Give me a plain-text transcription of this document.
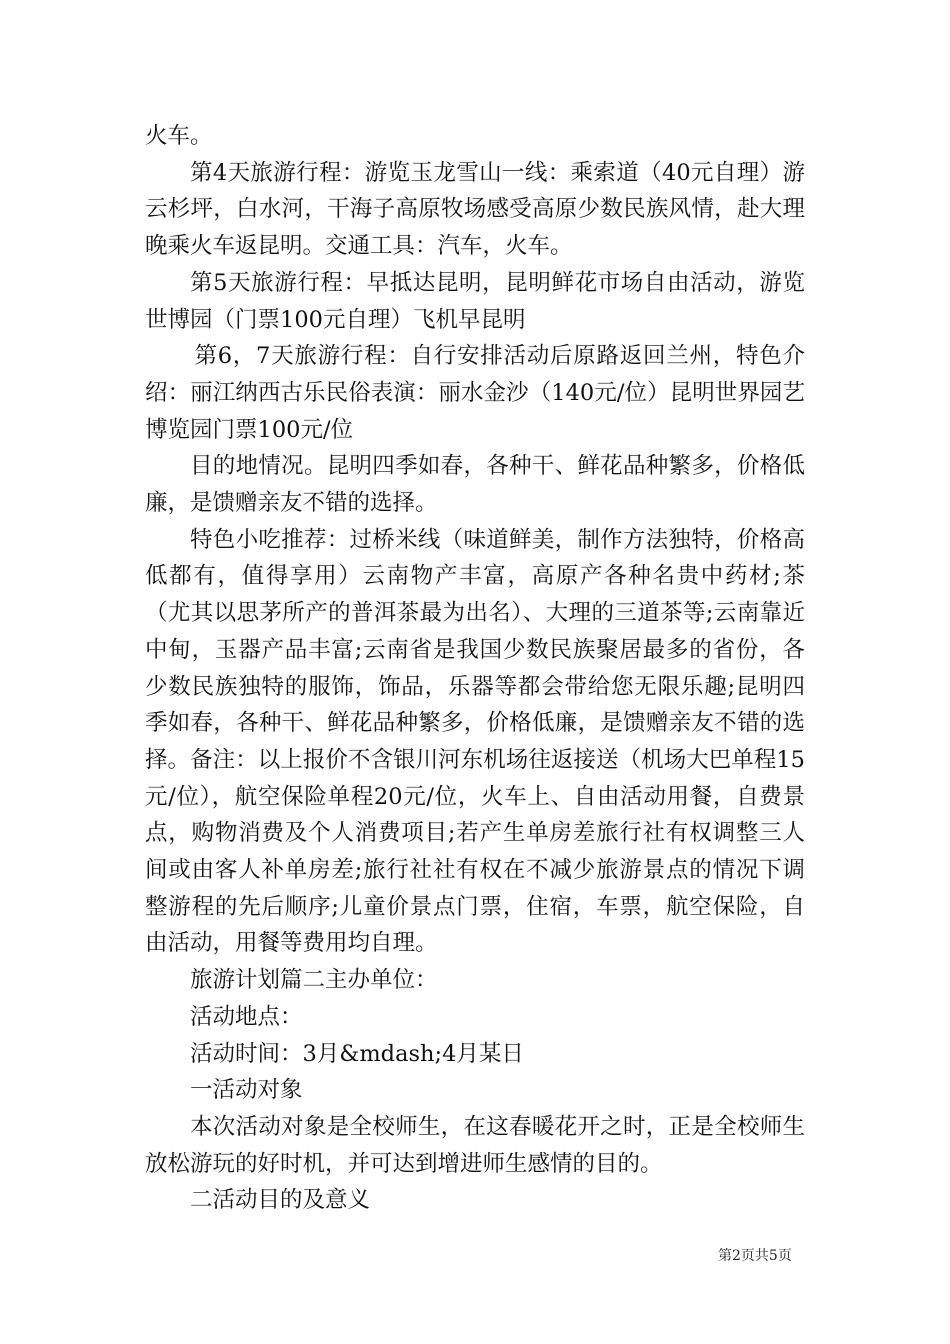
火车。

第4天旅游行程：游览玉龙雪山一线：乘索道（40元自理）游云杉坪，白水河，干海子高原牧场感受高原少数民族风情，赴大理晚乘火车返昆明。交通工具：汽车，火车。

第5天旅游行程：早抵达昆明，昆明鲜花市场自由活动，游览世博园（门票100元自理）飞机早昆明

第6，7天旅游行程：自行安排活动后原路返回兰州，特色介绍：丽江纳西古乐民俗表演：丽水金沙（140元/位）昆明世界园艺博览园门票100元/位

目的地情况。昆明四季如春，各种干、鲜花品种繁多，价格低廉，是馈赠亲友不错的选择。

特色小吃推荐：过桥米线（味道鲜美，制作方法独特，价格高低都有，值得享用）云南物产丰富，高原产各种名贵中药材;茶（尤其以思茅所产的普洱茶最为出名）、大理的三道茶等;云南靠近中甸，玉器产品丰富;云南省是我国少数民族聚居最多的省份，各少数民族独特的服饰，饰品，乐器等都会带给您无限乐趣;昆明四季如春，各种干、鲜花品种繁多，价格低廉，是馈赠亲友不错的选择。备注：以上报价不含银川河东机场往返接送（机场大巴单程15元/位），航空保险单程20元/位，火车上、自由活动用餐，自费景点，购物消费及个人消费项目;若产生单房差旅行社有权调整三人间或由客人补单房差;旅行社社有权在不减少旅游景点的情况下调整游程的先后顺序;儿童价景点门票，住宿，车票，航空保险，自由活动，用餐等费用均自理。

旅游计划篇二主办单位：

活动地点：

活动时间：3月&mdash;4月某日

一活动对象

本次活动对象是全校师生，在这春暖花开之时，正是全校师生放松游玩的好时机，并可达到增进师生感情的目的。

二活动目的及意义

第2页共5页
